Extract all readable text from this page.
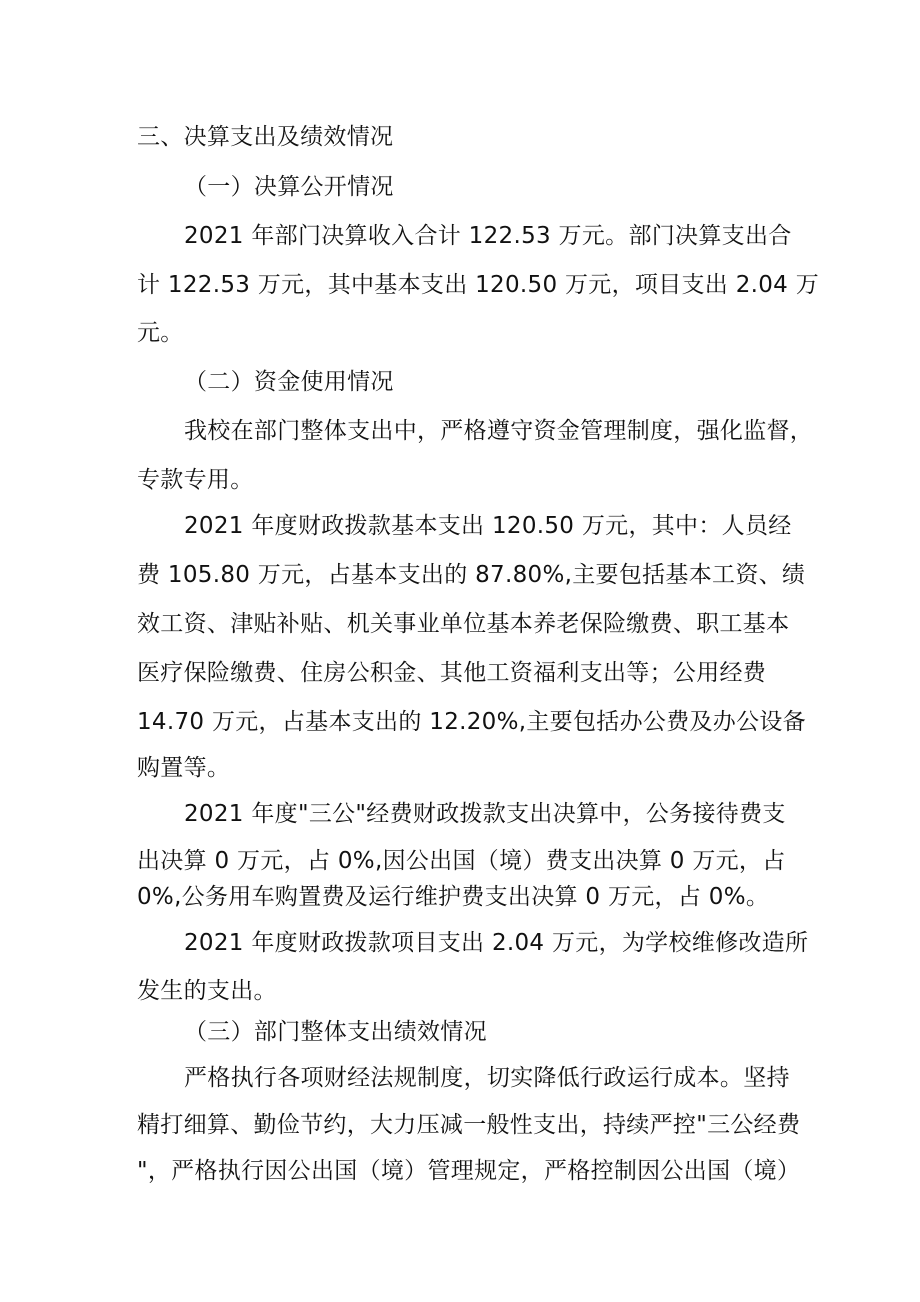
三、决算支出及绩效情况
（一）决算公开情况
2021 年部门决算收入合计 122.53 万元。部门决算支出合
计 122.53 万元，其中基本支出 120.50 万元，项目支出 2.04 万
元。
（二）资金使用情况
我校在部门整体支出中，严格遵守资金管理制度，强化监督，
专款专用。
2021 年度财政拨款基本支出 120.50 万元，其中：人员经
费 105.80 万元，占基本支出的 87.80%,主要包括基本工资、绩
效工资、津贴补贴、机关事业单位基本养老保险缴费、职工基本
医疗保险缴费、住房公积金、其他工资福利支出等；公用经费
14.70 万元，占基本支出的 12.20%,主要包括办公费及办公设备
购置等。
2021 年度"三公"经费财政拨款支出决算中，公务接待费支
出决算 0 万元，占 0%,因公出国（境）费支出决算 0 万元，占
0%,公务用车购置费及运行维护费支出决算 0 万元，占 0%。
2021 年度财政拨款项目支出 2.04 万元，为学校维修改造所
发生的支出。
（三）部门整体支出绩效情况
严格执行各项财经法规制度，切实降低行政运行成本。坚持
精打细算、勤俭节约，大力压减一般性支出，持续严控"三公经费
"，严格执行因公出国（境）管理规定，严格控制因公出国（境）
